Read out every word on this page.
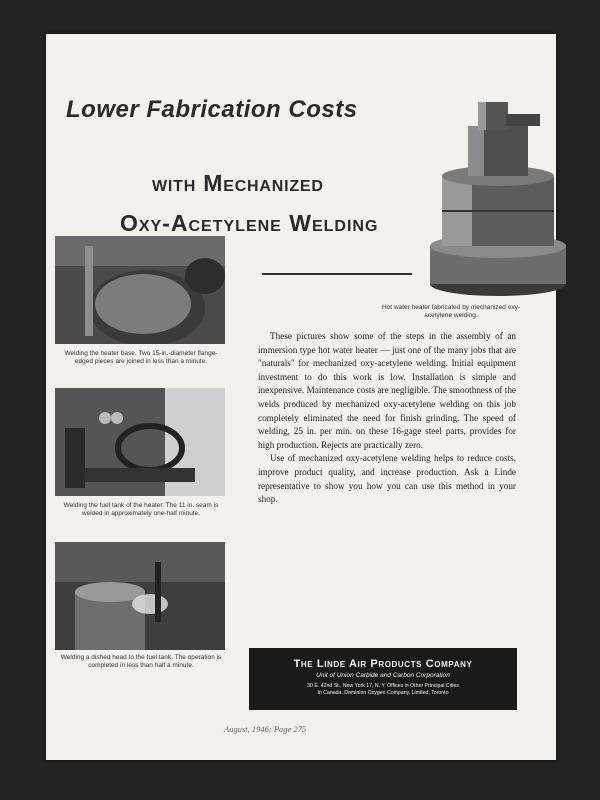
Lower Fabrication Costs
with Mechanized
Oxy-Acetylene Welding
Hot water heater fabricated by mechanized oxy-acetylene welding.
Welding the heater base. Two 15-in.-diameter flange-edged pieces are joined in less than a minute.
Welding the fuel tank of the heater. The 11 in. seam is welded in approximately one-half minute.
Welding a dished head to the fuel tank. The operation is completed in less than half a minute.

These pictures show some of the steps in the assembly of an immersion type hot water heater — just one of the many jobs that are "naturals" for mechanized oxy-acetylene welding. Initial equipment investment to do this work is low. Installation is simple and inexpensive. Maintenance costs are negligible. The smoothness of the welds produced by mechanized oxy-acetylene welding on this job completely eliminated the need for finish grinding. The speed of welding, 25 in. per min. on these 16-gage steel parts, provides for high production. Rejects are practically zero.

Use of mechanized oxy-acetylene welding helps to reduce costs, improve product quality, and increase production. Ask a Linde representative to show you how you can use this method in your shop.

The Linde Air Products Company
Unit of Union Carbide and Carbon Corporation
30 E. 42nd St., New York 17, N. Y. Offices in Other Principal Cities
In Canada: Dominion Oxygen Company, Limited, Toronto
August, 1946; Page 275
